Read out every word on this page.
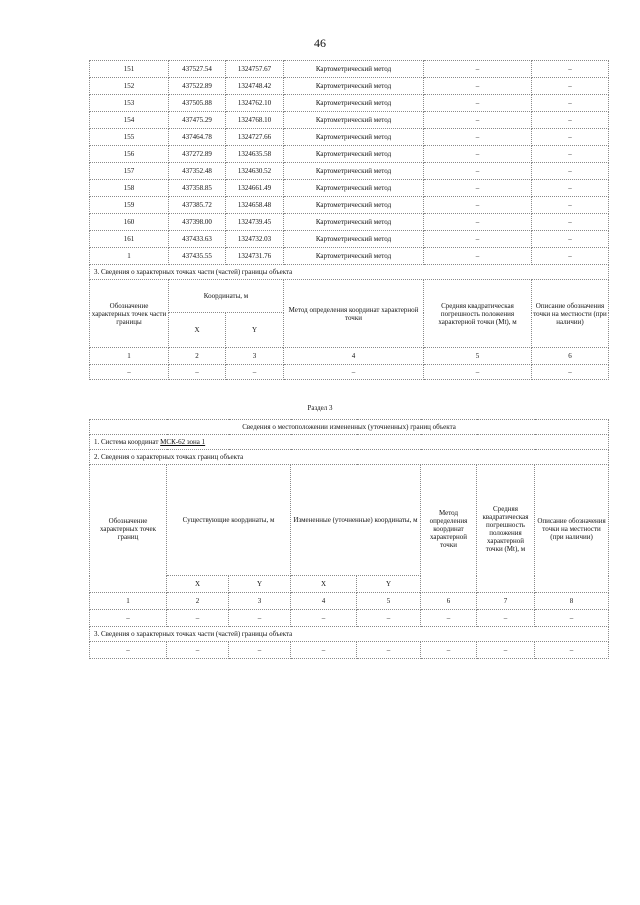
46
151	437527.54	1324757.67	Картометрический метод	–	–
152	437522.89	1324748.42	Картометрический метод	–	–
153	437505.88	1324762.10	Картометрический метод	–	–
154	437475.29	1324768.10	Картометрический метод	–	–
155	437464.78	1324727.66	Картометрический метод	–	–
156	437272.89	1324635.58	Картометрический метод	–	–
157	437352.48	1324630.52	Картометрический метод	–	–
158	437358.85	1324661.49	Картометрический метод	–	–
159	437385.72	1324658.48	Картометрический метод	–	–
160	437398.00	1324739.45	Картометрический метод	–	–
161	437433.63	1324732.03	Картометрический метод	–	–
1	437435.55	1324731.76	Картометрический метод	–	–
3. Сведения о характерных точках части (частей) границы объекта					
Обозначение характерных точек части границы	Координаты, м		Метод определения координат характерной точки	Средняя квадратическая погрешность положения характерной точки (Mt), м	Описание обозначения точки на местности (при наличии)
	X	Y			
1	2	3	4	5	6
–	–	–	–	–	–
Раздел 3
Сведения о местоположении измененных (уточненных) границ объекта							
1. Система координат МСК-62 зона 1							
2. Сведения о характерных точках границ объекта							
Обозначение характерных точек границ	Существующие координаты, м		Измененные (уточненные) координаты, м		Метод определения координат характерной точки	Средняя квадратическая погрешность положения характерной точки (Mt), м	Описание обозначения точки на местности (при наличии)
	X	Y	X	Y			
1	2	3	4	5	6	7	8
–	–	–	–	–	–	–	–
3. Сведения о характерных точках части (частей) границы объекта							
–	–	–	–	–	–	–	–
